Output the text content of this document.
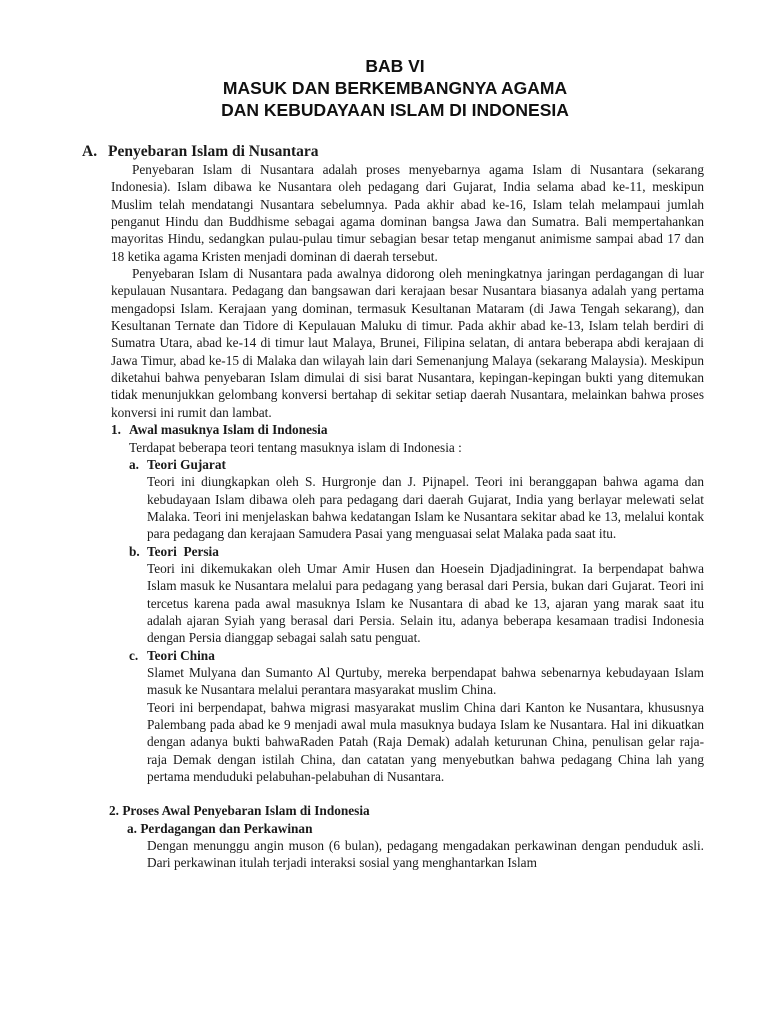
BAB VI
MASUK DAN BERKEMBANGNYA AGAMA
DAN KEBUDAYAAN ISLAM DI INDONESIA
A. Penyebaran Islam di Nusantara

Penyebaran Islam di Nusantara adalah proses menyebarnya agama Islam di Nusantara (sekarang Indonesia). Islam dibawa ke Nusantara oleh pedagang dari Gujarat, India selama abad ke-11, meskipun Muslim telah mendatangi Nusantara sebelumnya. Pada akhir abad ke-16, Islam telah melampaui jumlah penganut Hindu dan Buddhisme sebagai agama dominan bangsa Jawa dan Sumatra. Bali mempertahankan mayoritas Hindu, sedangkan pulau-pulau timur sebagian besar tetap menganut animisme sampai abad 17 dan 18 ketika agama Kristen menjadi dominan di daerah tersebut.

Penyebaran Islam di Nusantara pada awalnya didorong oleh meningkatnya jaringan perdagangan di luar kepulauan Nusantara. Pedagang dan bangsawan dari kerajaan besar Nusantara biasanya adalah yang pertama mengadopsi Islam. Kerajaan yang dominan, termasuk Kesultanan Mataram (di Jawa Tengah sekarang), dan Kesultanan Ternate dan Tidore di Kepulauan Maluku di timur. Pada akhir abad ke-13, Islam telah berdiri di Sumatra Utara, abad ke-14 di timur laut Malaya, Brunei, Filipina selatan, di antara beberapa abdi kerajaan di Jawa Timur, abad ke-15 di Malaka dan wilayah lain dari Semenanjung Malaya (sekarang Malaysia). Meskipun diketahui bahwa penyebaran Islam dimulai di sisi barat Nusantara, kepingan-kepingan bukti yang ditemukan tidak menunjukkan gelombang konversi bertahap di sekitar setiap daerah Nusantara, melainkan bahwa proses konversi ini rumit dan lambat.

1. Awal masuknya Islam di Indonesia

Terdapat beberapa teori tentang masuknya islam di Indonesia :

a. Teori Gujarat

Teori ini diungkapkan oleh S. Hurgronje dan J. Pijnapel. Teori ini beranggapan bahwa agama dan kebudayaan Islam dibawa oleh para pedagang dari daerah Gujarat, India yang berlayar melewati selat Malaka. Teori ini menjelaskan bahwa kedatangan Islam ke Nusantara sekitar abad ke 13, melalui kontak para pedagang dan kerajaan Samudera Pasai yang menguasai selat Malaka pada saat itu.

b. Teori  Persia

Teori ini dikemukakan oleh Umar Amir Husen dan Hoesein Djadjadiningrat. Ia berpendapat bahwa Islam masuk ke Nusantara melalui para pedagang yang berasal dari Persia, bukan dari Gujarat. Teori ini tercetus karena pada awal masuknya Islam ke Nusantara di abad ke 13, ajaran yang marak saat itu adalah ajaran Syiah yang berasal dari Persia. Selain itu, adanya beberapa kesamaan tradisi Indonesia dengan Persia dianggap sebagai salah satu penguat.

c. Teori China

Slamet Mulyana dan Sumanto Al Qurtuby, mereka berpendapat bahwa sebenarnya kebudayaan Islam masuk ke Nusantara melalui perantara masyarakat muslim China.

Teori ini berpendapat, bahwa migrasi masyarakat muslim China dari Kanton ke Nusantara, khususnya Palembang pada abad ke 9 menjadi awal mula masuknya budaya Islam ke Nusantara. Hal ini dikuatkan dengan adanya bukti bahwaRaden Patah (Raja Demak) adalah keturunan China, penulisan gelar raja-raja Demak dengan istilah China, dan catatan yang menyebutkan bahwa pedagang China lah yang pertama menduduki pelabuhan-pelabuhan di Nusantara.

2. Proses Awal Penyebaran Islam di Indonesia

a. Perdagangan dan Perkawinan

Dengan menunggu angin muson (6 bulan), pedagang mengadakan perkawinan dengan penduduk asli. Dari perkawinan itulah terjadi interaksi sosial yang menghantarkan Islam
